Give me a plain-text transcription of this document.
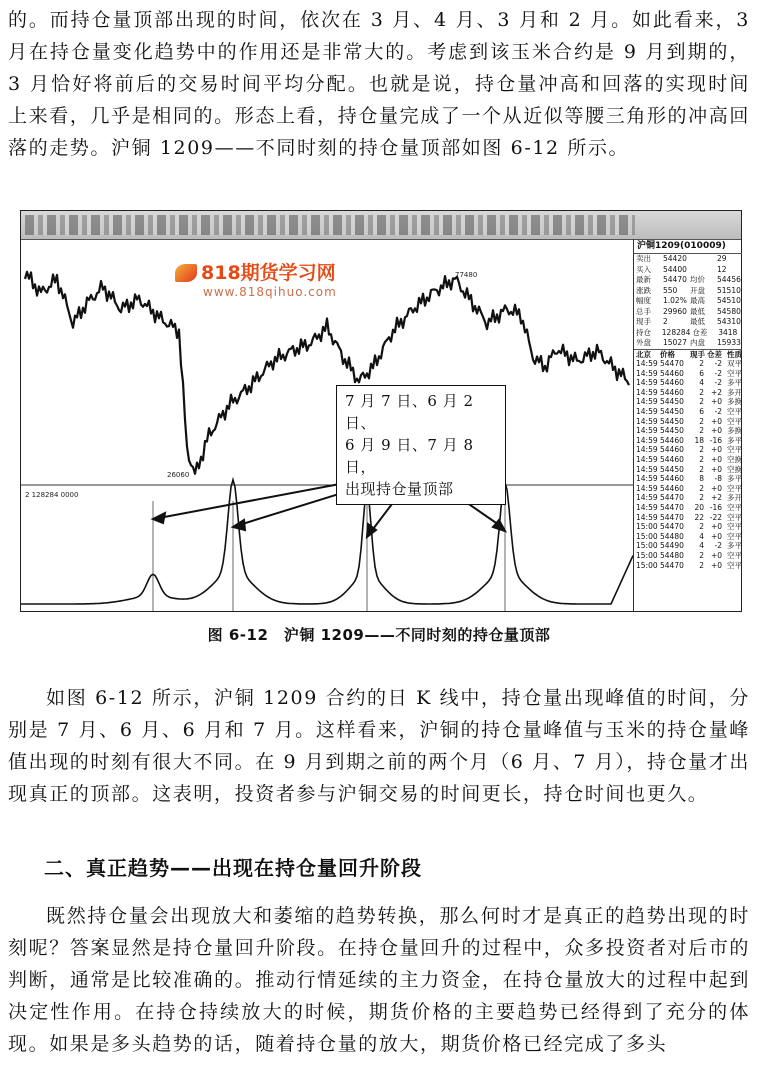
的。而持仓量顶部出现的时间，依次在 3 月、4 月、3 月和 2 月。如此看来，3 月在持仓量变化趋势中的作用还是非常大的。考虑到该玉米合约是 9 月到期的，3 月恰好将前后的交易时间平均分配。也就是说，持仓量冲高和回落的实现时间上来看，几乎是相同的。形态上看，持仓量完成了一个从近似等腰三角形的冲高回落的走势。沪铜 1209——不同时刻的持仓量顶部如图 6-12 所示。

77480
26060
2 128284 0000
沪铜1209(010009)
卖出	54420	29
买入	54400	12
最新	54470 均价	54456
涨跌	550	开盘	51510
幅度	1.02% 最高	54510
总手	29960 最低	54580
现手	2	最低	54310
持仓	128284 仓差	3418
外盘	15027 内盘	15933
北京	价格	现手 仓差 性质
14:59 54470	2	-2 双平
14:59 54460	6	-2 空平
14:59 54460	4	-2 多平
14:59 54460	2 +2 多开
14:59 54450	2 +0 多换
14:59 54450	6	-2 空平
14:59 54450	2 +0 空平
14:59 54450	2 +0 多换
14:59 54460	18 -16 多平
14:59 54460	2 +0 空平
14:59 54460	2 +0 空换
14:59 54450	2 +0 空换
14:59 54460	8	-8 多平
14:59 54460	2 +0 空平
14:59 54470	2 +2 多开
14:59 54470	20 -16 空平
14:59 54470	22 -22 空平
15:00 54470	2 +0 空平
15:00 54480	4 +0 空平
15:00 54490	4	-2 多平
15:00 54480	2 +0 空平
15:00 54470	2 +0 空平
818期货学习网
www.818qihuo.com
7 月 7 日、6 月 2 日、
6 月 9 日、7 月 8 日，
出现持仓量顶部
图 6-12　沪铜 1209——不同时刻的持仓量顶部

如图 6-12 所示，沪铜 1209 合约的日 K 线中，持仓量出现峰值的时间，分别是 7 月、6 月、6 月和 7 月。这样看来，沪铜的持仓量峰值与玉米的持仓量峰值出现的时刻有很大不同。在 9 月到期之前的两个月（6 月、7 月），持仓量才出现真正的顶部。这表明，投资者参与沪铜交易的时间更长，持仓时间也更久。

二、真正趋势——出现在持仓量回升阶段

既然持仓量会出现放大和萎缩的趋势转换，那么何时才是真正的趋势出现的时刻呢？答案显然是持仓量回升阶段。在持仓量回升的过程中，众多投资者对后市的判断，通常是比较准确的。推动行情延续的主力资金，在持仓量放大的过程中起到决定性作用。在持仓持续放大的时候，期货价格的主要趋势已经得到了充分的体现。如果是多头趋势的话，随着持仓量的放大，期货价格已经完成了多头
